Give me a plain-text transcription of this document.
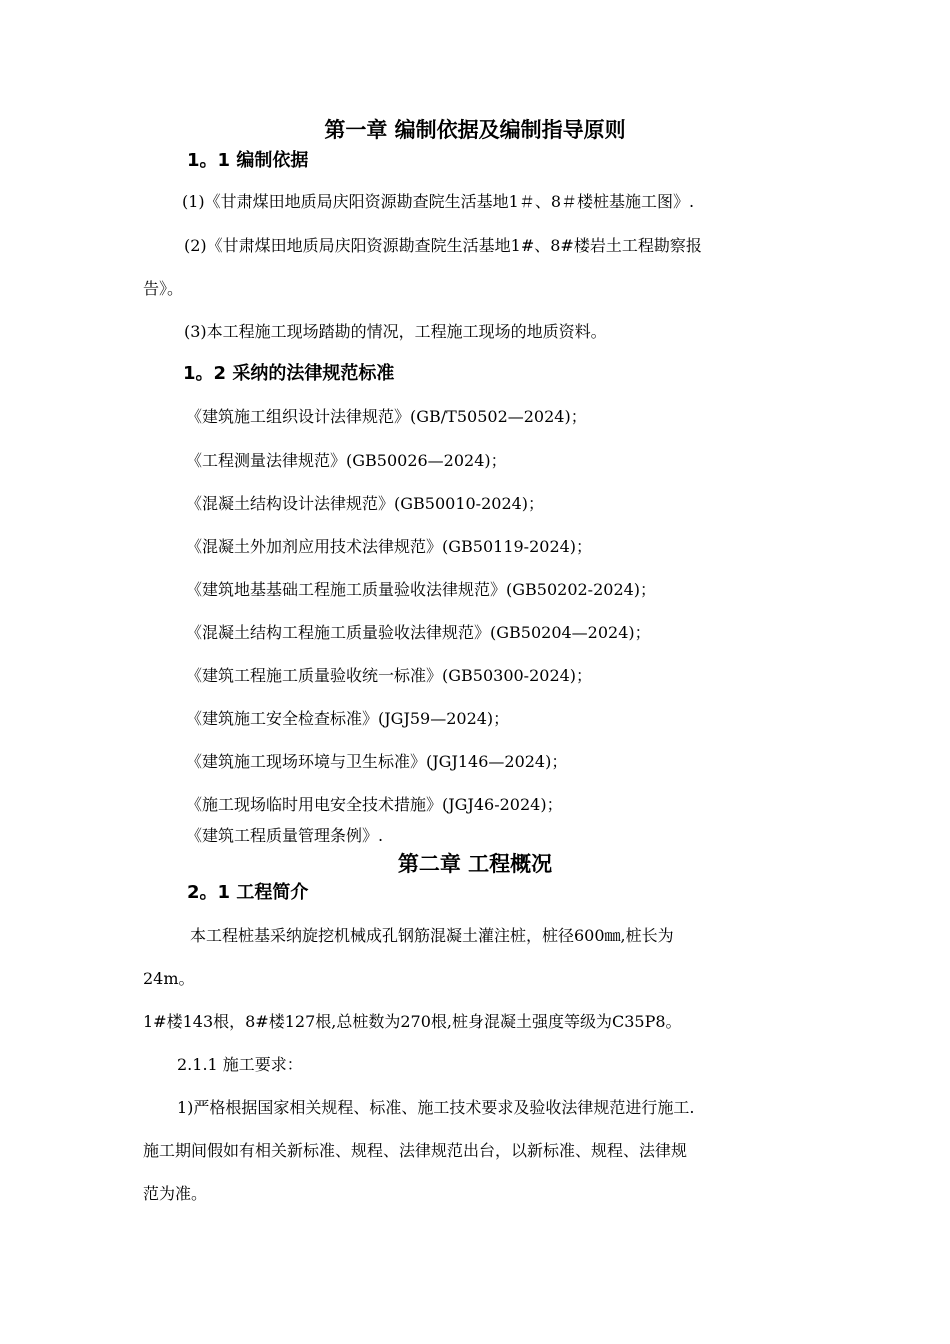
第一章 编制依据及编制指导原则
1。1 编制依据
(1)《甘肃煤田地质局庆阳资源勘查院生活基地1＃、8＃楼桩基施工图》.
(2)《甘肃煤田地质局庆阳资源勘查院生活基地1#、8#楼岩土工程勘察报
告》。
(3)本工程施工现场踏勘的情况，工程施工现场的地质资料。
1。2 采纳的法律规范标准
《建筑施工组织设计法律规范》(GB/T50502—2024)；
《工程测量法律规范》(GB50026—2024)；
《混凝土结构设计法律规范》(GB50010-2024)；
《混凝土外加剂应用技术法律规范》(GB50119-2024)；
《建筑地基基础工程施工质量验收法律规范》(GB50202-2024)；
《混凝土结构工程施工质量验收法律规范》(GB50204—2024)；
《建筑工程施工质量验收统一标准》(GB50300-2024)；
《建筑施工安全检查标准》(JGJ59—2024)；
《建筑施工现场环境与卫生标准》(JGJ146—2024)；
《施工现场临时用电安全技术措施》(JGJ46-2024)；
《建筑工程质量管理条例》.
第二章 工程概况
2。1 工程简介
本工程桩基采纳旋挖机械成孔钢筋混凝土灌注桩，桩径600㎜,桩长为
24m。
1#楼143根，8#楼127根,总桩数为270根,桩身混凝土强度等级为C35P8。
2.1.1 施工要求：
1)严格根据国家相关规程、标准、施工技术要求及验收法律规范进行施工.
施工期间假如有相关新标准、规程、法律规范出台，以新标准、规程、法律规
范为准。
